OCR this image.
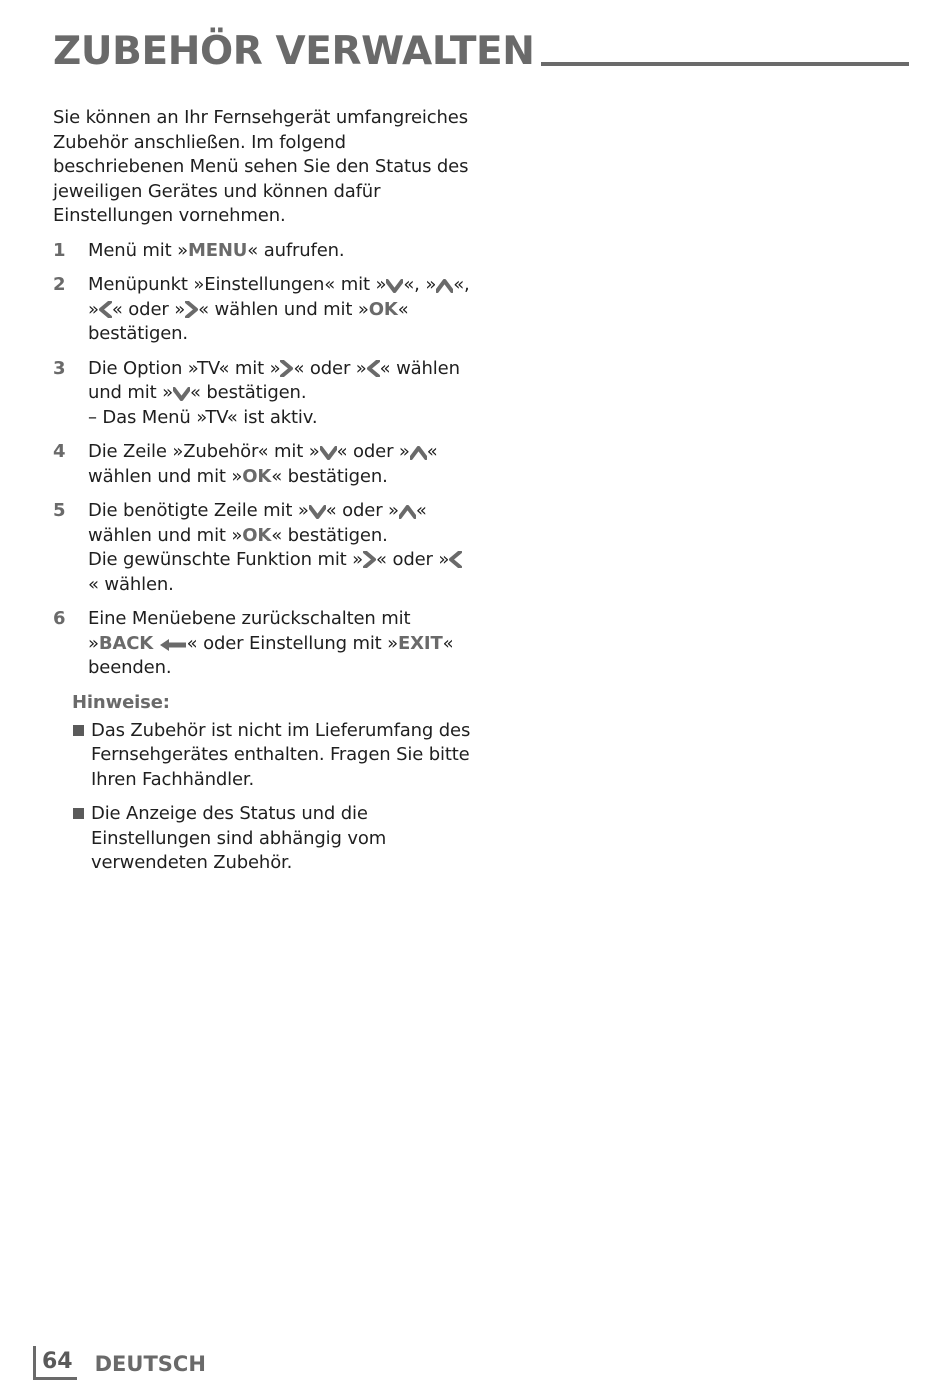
ZUBEHÖR VERWALTEN

Sie können an Ihr Fernsehgerät umfangreiches Zubehör anschließen. Im folgend beschriebenen Menü sehen Sie den Status des jeweiligen Gerätes und können dafür Einstellungen vornehmen.

1 Menü mit »MENU« aufrufen.
2 Menüpunkt »Einstellungen« mit » «, » «, » « oder » « wählen und mit »OK« bestätigen.
3 Die Option »TV« mit » « oder » « wählen und mit » « bestätigen.
– Das Menü »TV« ist aktiv.
4 Die Zeile »Zubehör« mit » « oder » « wählen und mit »OK« bestätigen.
5 Die benötigte Zeile mit » « oder » « wählen und mit »OK« bestätigen.
Die gewünschte Funktion mit » « oder »
« wählen.
6 Eine Menüebene zurückschalten mit »BACK « oder Einstellung mit »EXIT« beenden.
Hinweise:
Das Zubehör ist nicht im Lieferumfang des Fernsehgerätes enthalten. Fragen Sie bitte Ihren Fachhändler.
Die Anzeige des Status und die Einstellungen sind abhängig vom verwendeten Zubehör.
64 DEUTSCH
